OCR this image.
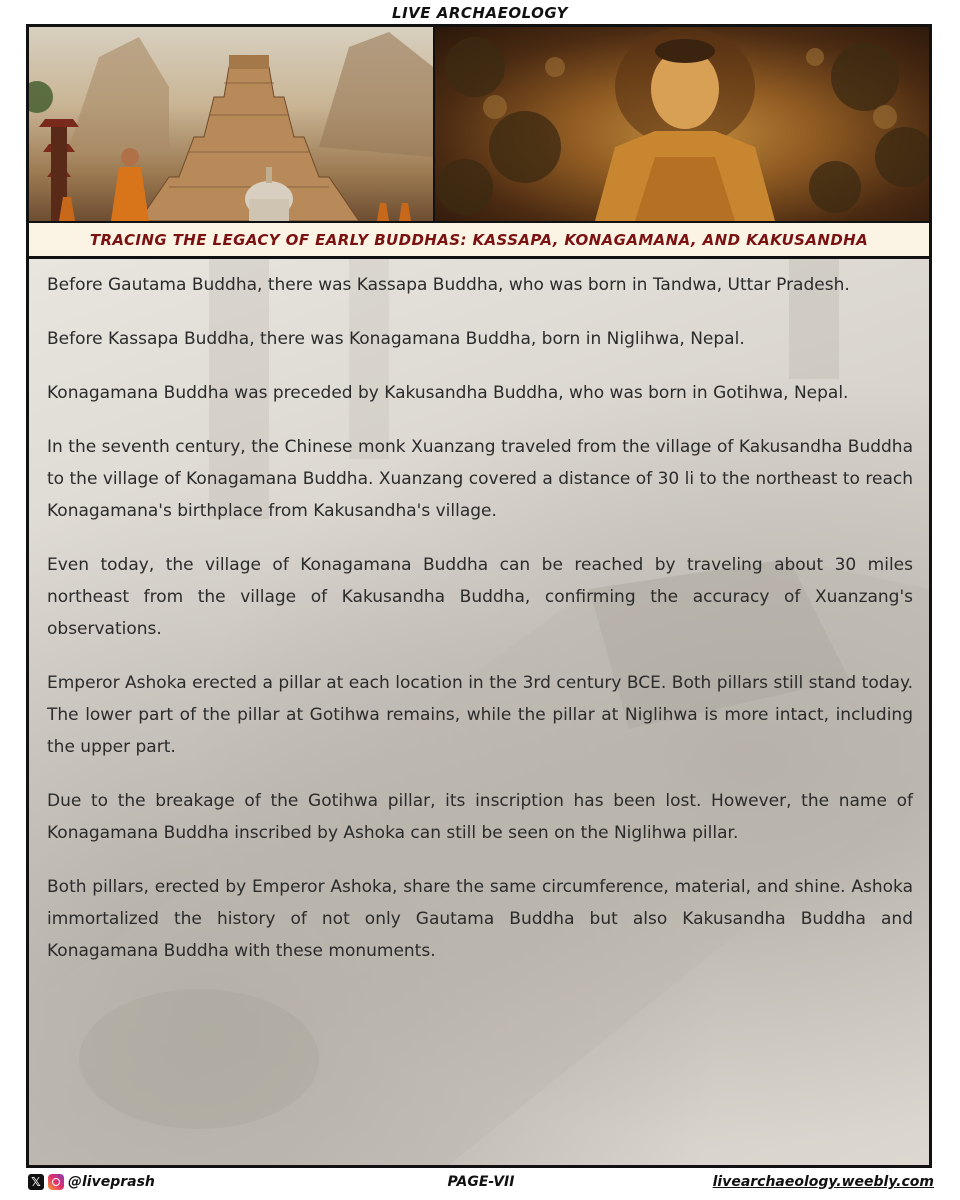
LIVE ARCHAEOLOGY
TRACING THE LEGACY OF EARLY BUDDHAS: KASSAPA, KONAGAMANA, AND KAKUSANDHA

Before Gautama Buddha, there was Kassapa Buddha, who was born in Tandwa, Uttar Pradesh.

Before Kassapa Buddha, there was Konagamana Buddha, born in Niglihwa, Nepal.

Konagamana Buddha was preceded by Kakusandha Buddha, who was born in Gotihwa, Nepal.

In the seventh century, the Chinese monk Xuanzang traveled from the village of Kakusandha Buddha to the village of Konagamana Buddha. Xuanzang covered a distance of 30 li to the northeast to reach Konagamana's birthplace from Kakusandha's village.

Even today, the village of Konagamana Buddha can be reached by traveling about 30 miles northeast from the village of Kakusandha Buddha, confirming the accuracy of Xuanzang's observations.

Emperor Ashoka erected a pillar at each location in the 3rd century BCE. Both pillars still stand today. The lower part of the pillar at Gotihwa remains, while the pillar at Niglihwa is more intact, including the upper part.

Due to the breakage of the Gotihwa pillar, its inscription has been lost. However, the name of Konagamana Buddha inscribed by Ashoka can still be seen on the Niglihwa pillar.

Both pillars, erected by Emperor Ashoka, share the same circumference, material, and shine. Ashoka immortalized the history of not only Gautama Buddha but also Kakusandha Buddha and Konagamana Buddha with these monuments.

𝕏 @liveprash	PAGE-VII	livearchaeology.weebly.com
